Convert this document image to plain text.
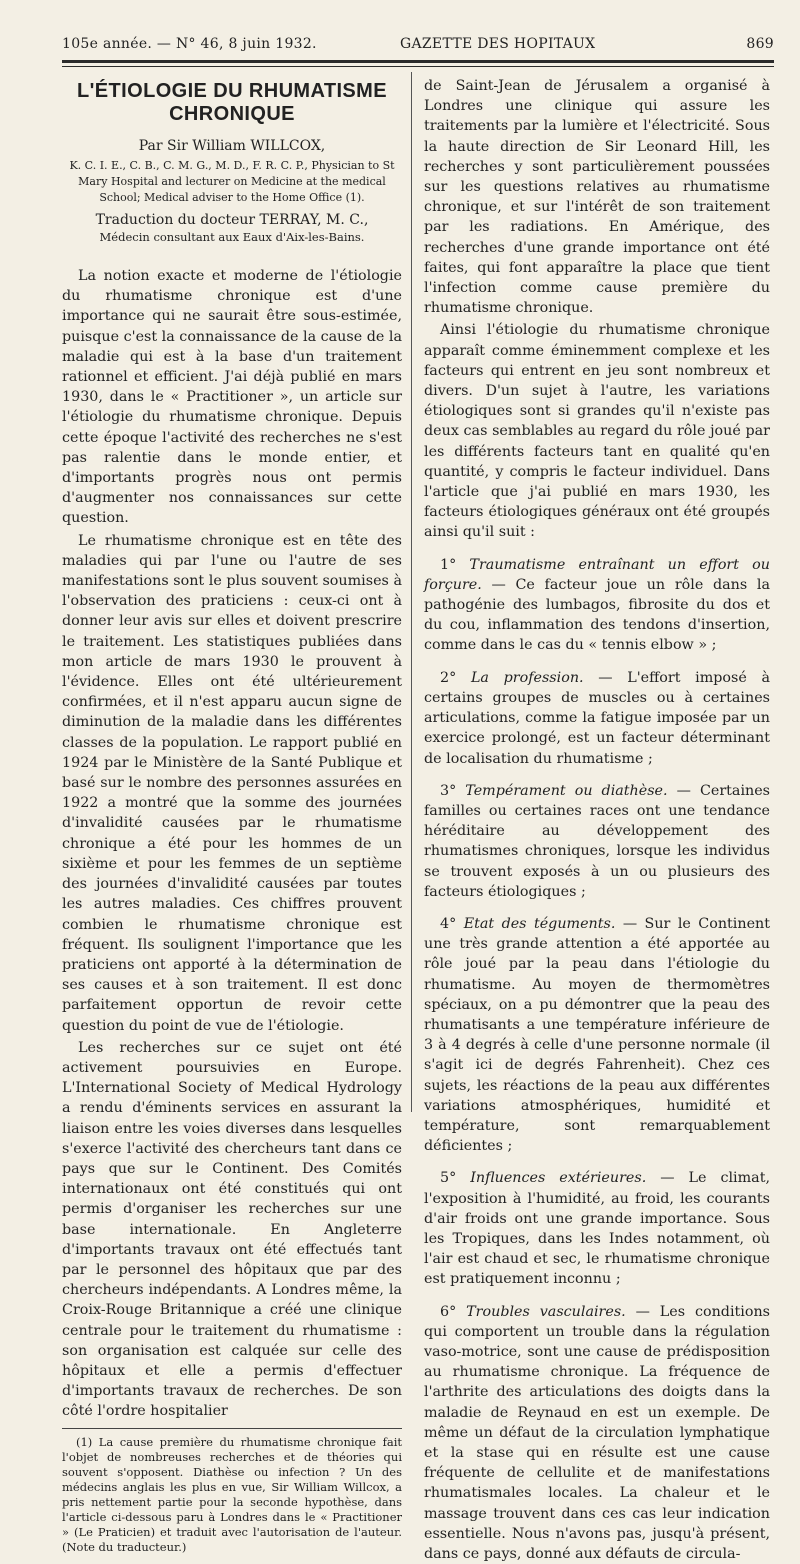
105e année. — N° 46, 8 juin 1932.	GAZETTE DES HOPITAUX	869
L'ÉTIOLOGIE DU RHUMATISME CHRONIQUE
Par Sir William WILLCOX,
K. C. I. E., C. B., C. M. G., M. D., F. R. C. P., Physician to St Mary Hospital and lecturer on Medicine at the medical School; Medical adviser to the Home Office (1).
Traduction du docteur TERRAY, M. C.,
Médecin consultant aux Eaux d'Aix-les-Bains.

La notion exacte et moderne de l'étiologie du rhumatisme chronique est d'une importance qui ne saurait être sous-estimée, puisque c'est la connaissance de la cause de la maladie qui est à la base d'un traitement rationnel et efficient. J'ai déjà publié en mars 1930, dans le « Practitioner », un article sur l'étiologie du rhumatisme chronique. Depuis cette époque l'activité des recherches ne s'est pas ralentie dans le monde entier, et d'importants progrès nous ont permis d'augmenter nos connaissances sur cette question.

Le rhumatisme chronique est en tête des maladies qui par l'une ou l'autre de ses manifestations sont le plus souvent soumises à l'observation des praticiens : ceux-ci ont à donner leur avis sur elles et doivent prescrire le traitement. Les statistiques publiées dans mon article de mars 1930 le prouvent à l'évidence. Elles ont été ultérieurement confirmées, et il n'est apparu aucun signe de diminution de la maladie dans les différentes classes de la population. Le rapport publié en 1924 par le Ministère de la Santé Publique et basé sur le nombre des personnes assurées en 1922 a montré que la somme des journées d'invalidité causées par le rhumatisme chronique a été pour les hommes de un sixième et pour les femmes de un septième des journées d'invalidité causées par toutes les autres maladies. Ces chiffres prouvent combien le rhumatisme chronique est fréquent. Ils soulignent l'importance que les praticiens ont apporté à la détermination de ses causes et à son traitement. Il est donc parfaitement opportun de revoir cette question du point de vue de l'étiologie.

Les recherches sur ce sujet ont été activement poursuivies en Europe. L'International Society of Medical Hydrology a rendu d'éminents services en assurant la liaison entre les voies diverses dans lesquelles s'exerce l'activité des chercheurs tant dans ce pays que sur le Continent. Des Comités internationaux ont été constitués qui ont permis d'organiser les recherches sur une base internationale. En Angleterre d'importants travaux ont été effectués tant par le personnel des hôpitaux que par des chercheurs indépendants. A Londres même, la Croix-Rouge Britannique a créé une clinique centrale pour le traitement du rhumatisme : son organisation est calquée sur celle des hôpitaux et elle a permis d'effectuer d'importants travaux de recherches. De son côté l'ordre hospitalier

(1) La cause première du rhumatisme chronique fait l'objet de nombreuses recherches et de théories qui souvent s'opposent. Diathèse ou infection ? Un des médecins anglais les plus en vue, Sir William Willcox, a pris nettement partie pour la seconde hypothèse, dans l'article ci-dessous paru à Londres dans le « Practitioner » (Le Praticien) et traduit avec l'autorisation de l'auteur. (Note du traducteur.)

de Saint-Jean de Jérusalem a organisé à Londres une clinique qui assure les traitements par la lumière et l'électricité. Sous la haute direction de Sir Leonard Hill, les recherches y sont particulièrement poussées sur les questions relatives au rhumatisme chronique, et sur l'intérêt de son traitement par les radiations. En Amérique, des recherches d'une grande importance ont été faites, qui font apparaître la place que tient l'infection comme cause première du rhumatisme chronique.

Ainsi l'étiologie du rhumatisme chronique apparaît comme éminemment complexe et les facteurs qui entrent en jeu sont nombreux et divers. D'un sujet à l'autre, les variations étiologiques sont si grandes qu'il n'existe pas deux cas semblables au regard du rôle joué par les différents facteurs tant en qualité qu'en quantité, y compris le facteur individuel. Dans l'article que j'ai publié en mars 1930, les facteurs étiologiques généraux ont été groupés ainsi qu'il suit :

1° Traumatisme entraînant un effort ou forçure. — Ce facteur joue un rôle dans la pathogénie des lumbagos, fibrosite du dos et du cou, inflammation des tendons d'insertion, comme dans le cas du « tennis elbow » ;

2° La profession. — L'effort imposé à certains groupes de muscles ou à certaines articulations, comme la fatigue imposée par un exercice prolongé, est un facteur déterminant de localisation du rhumatisme ;

3° Tempérament ou diathèse. — Certaines familles ou certaines races ont une tendance héréditaire au développement des rhumatismes chroniques, lorsque les individus se trouvent exposés à un ou plusieurs des facteurs étiologiques ;

4° Etat des téguments. — Sur le Continent une très grande attention a été apportée au rôle joué par la peau dans l'étiologie du rhumatisme. Au moyen de thermomètres spéciaux, on a pu démontrer que la peau des rhumatisants a une température inférieure de 3 à 4 degrés à celle d'une personne normale (il s'agit ici de degrés Fahrenheit). Chez ces sujets, les réactions de la peau aux différentes variations atmosphériques, humidité et température, sont remarquablement déficientes ;

5° Influences extérieures. — Le climat, l'exposition à l'humidité, au froid, les courants d'air froids ont une grande importance. Sous les Tropiques, dans les Indes notamment, où l'air est chaud et sec, le rhumatisme chronique est pratiquement inconnu ;

6° Troubles vasculaires. — Les conditions qui comportent un trouble dans la régulation vaso-motrice, sont une cause de prédisposition au rhumatisme chronique. La fréquence de l'arthrite des articulations des doigts dans la maladie de Reynaud en est un exemple. De même un défaut de la circulation lymphatique et la stase qui en résulte est une cause fréquente de cellulite et de manifestations rhumatismales locales. La chaleur et le massage trouvent dans ces cas leur indication essentielle. Nous n'avons pas, jusqu'à présent, dans ce pays, donné aux défauts de circula-
